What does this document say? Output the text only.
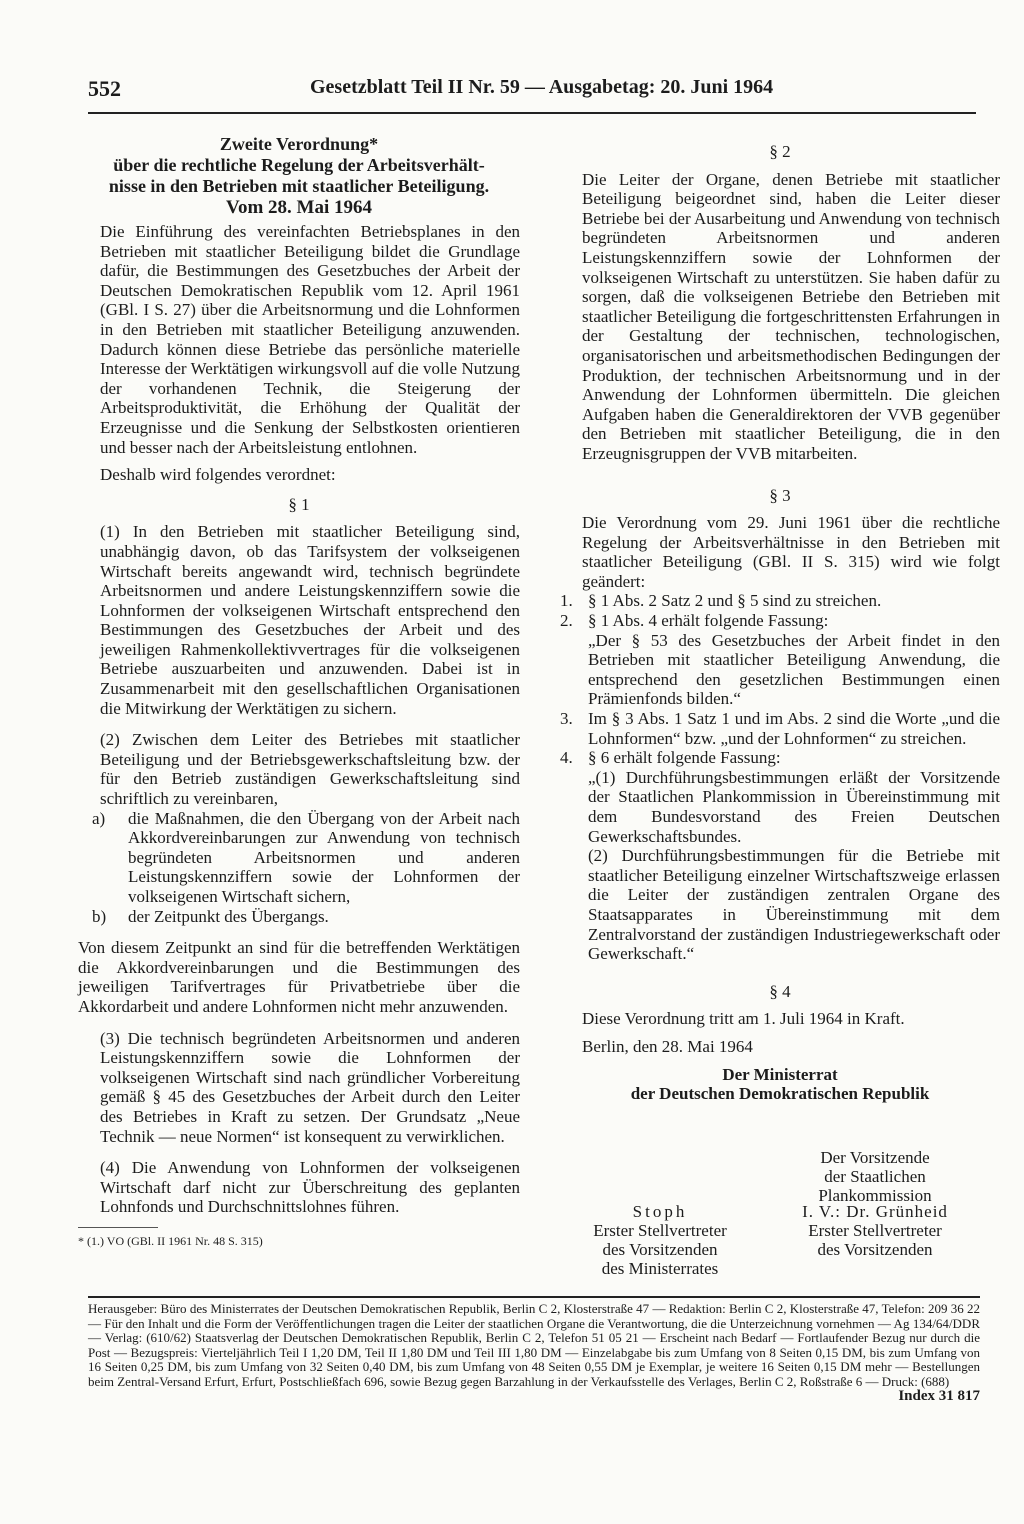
552	Gesetzblatt Teil II Nr. 59 — Ausgabetag: 20. Juni 1964

Zweite Verordnung*

über die rechtliche Regelung der Arbeitsverhält-

nisse in den Betrieben mit staatlicher Beteiligung.

Vom 28. Mai 1964

Die Einführung des vereinfachten Betriebsplanes in den Betrieben mit staatlicher Beteiligung bildet die Grundlage dafür, die Bestimmungen des Gesetzbuches der Arbeit der Deutschen Demokratischen Republik vom 12. April 1961 (GBl. I S. 27) über die Arbeitsnormung und die Lohnformen in den Betrieben mit staatlicher Beteiligung anzuwenden. Dadurch können diese Betriebe das persönliche materielle Interesse der Werktätigen wirkungsvoll auf die volle Nutzung der vorhandenen Technik, die Steigerung der Arbeitsproduktivität, die Erhöhung der Qualität der Erzeugnisse und die Senkung der Selbstkosten orientieren und besser nach der Arbeitsleistung entlohnen.

Deshalb wird folgendes verordnet:

§ 1

(1) In den Betrieben mit staatlicher Beteiligung sind, unabhängig davon, ob das Tarifsystem der volkseigenen Wirtschaft bereits angewandt wird, technisch begründete Arbeitsnormen und andere Leistungskennziffern sowie die Lohnformen der volkseigenen Wirtschaft entsprechend den Bestimmungen des Gesetzbuches der Arbeit und des jeweiligen Rahmenkollektivvertrages für die volkseigenen Betriebe auszuarbeiten und anzuwenden. Dabei ist in Zusammenarbeit mit den gesellschaftlichen Organisationen die Mitwirkung der Werktätigen zu sichern.

(2) Zwischen dem Leiter des Betriebes mit staatlicher Beteiligung und der Betriebsgewerkschaftsleitung bzw. der für den Betrieb zuständigen Gewerkschaftsleitung sind schriftlich zu vereinbaren,

a) die Maßnahmen, die den Übergang von der Arbeit nach Akkordvereinbarungen zur Anwendung von technisch begründeten Arbeitsnormen und anderen Leistungskennziffern sowie der Lohnformen der volkseigenen Wirtschaft sichern,

b) der Zeitpunkt des Übergangs.

Von diesem Zeitpunkt an sind für die betreffenden Werktätigen die Akkordvereinbarungen und die Bestimmungen des jeweiligen Tarifvertrages für Privatbetriebe über die Akkordarbeit und andere Lohnformen nicht mehr anzuwenden.

(3) Die technisch begründeten Arbeitsnormen und anderen Leistungskennziffern sowie die Lohnformen der volkseigenen Wirtschaft sind nach gründlicher Vorbereitung gemäß § 45 des Gesetzbuches der Arbeit durch den Leiter des Betriebes in Kraft zu setzen. Der Grundsatz „Neue Technik — neue Normen“ ist konsequent zu verwirklichen.

(4) Die Anwendung von Lohnformen der volkseigenen Wirtschaft darf nicht zur Überschreitung des geplanten Lohnfonds und Durchschnittslohnes führen.

* (1.) VO (GBl. II 1961 Nr. 48 S. 315)

§ 2

Die Leiter der Organe, denen Betriebe mit staatlicher Beteiligung beigeordnet sind, haben die Leiter dieser Betriebe bei der Ausarbeitung und Anwendung von technisch begründeten Arbeitsnormen und anderen Leistungskennziffern sowie der Lohnformen der volkseigenen Wirtschaft zu unterstützen. Sie haben dafür zu sorgen, daß die volkseigenen Betriebe den Betrieben mit staatlicher Beteiligung die fortgeschrittensten Erfahrungen in der Gestaltung der technischen, technologischen, organisatorischen und arbeitsmethodischen Bedingungen der Produktion, der technischen Arbeitsnormung und in der Anwendung der Lohnformen übermitteln. Die gleichen Aufgaben haben die Generaldirektoren der VVB gegenüber den Betrieben mit staatlicher Beteiligung, die in den Erzeugnisgruppen der VVB mitarbeiten.

§ 3

Die Verordnung vom 29. Juni 1961 über die rechtliche Regelung der Arbeitsverhältnisse in den Betrieben mit staatlicher Beteiligung (GBl. II S. 315) wird wie folgt geändert:

1. § 1 Abs. 2 Satz 2 und § 5 sind zu streichen.

2. § 1 Abs. 4 erhält folgende Fassung:

„Der § 53 des Gesetzbuches der Arbeit findet in den Betrieben mit staatlicher Beteiligung Anwendung, die entsprechend den gesetzlichen Bestimmungen einen Prämienfonds bilden.“

3. Im § 3 Abs. 1 Satz 1 und im Abs. 2 sind die Worte „und die Lohnformen“ bzw. „und der Lohnformen“ zu streichen.

4. § 6 erhält folgende Fassung:

„(1) Durchführungsbestimmungen erläßt der Vorsitzende der Staatlichen Plankommission in Übereinstimmung mit dem Bundesvorstand des Freien Deutschen Gewerkschaftsbundes.

(2) Durchführungsbestimmungen für die Betriebe mit staatlicher Beteiligung einzelner Wirtschaftszweige erlassen die Leiter der zuständigen zentralen Organe des Staatsapparates in Übereinstimmung mit dem Zentralvorstand der zuständigen Industriegewerkschaft oder Gewerkschaft.“

§ 4

Diese Verordnung tritt am 1. Juli 1964 in Kraft.

Berlin, den 28. Mai 1964

Der Ministerrat

der Deutschen Demokratischen Republik

Der Vorsitzende
der Staatlichen
Plankommission
Stoph
Erster Stellvertreter
des Vorsitzenden
des Ministerrates
I. V.: Dr. Grünheid
Erster Stellvertreter
des Vorsitzenden
Herausgeber: Büro des Ministerrates der Deutschen Demokratischen Republik, Berlin C 2, Klosterstraße 47 — Redaktion: Berlin C 2, Klosterstraße 47, Telefon: 209 36 22 — Für den Inhalt und die Form der Veröffentlichungen tragen die Leiter der staatlichen Organe die Verantwortung, die die Unterzeichnung vornehmen — Ag 134/64/DDR — Verlag: (610/62) Staatsverlag der Deutschen Demokratischen Republik, Berlin C 2, Telefon 51 05 21 — Erscheint nach Bedarf — Fortlaufender Bezug nur durch die Post — Bezugspreis: Vierteljährlich Teil I 1,20 DM, Teil II 1,80 DM und Teil III 1,80 DM — Einzelabgabe bis zum Umfang von 8 Seiten 0,15 DM, bis zum Umfang von 16 Seiten 0,25 DM, bis zum Umfang von 32 Seiten 0,40 DM, bis zum Umfang von 48 Seiten 0,55 DM je Exemplar, je weitere 16 Seiten 0,15 DM mehr — Bestellungen beim Zentral-Versand Erfurt, Erfurt, Postschließfach 696, sowie Bezug gegen Barzahlung in der Verkaufsstelle des Verlages, Berlin C 2, Roßstraße 6 — Druck: (688)
Index 31 817
